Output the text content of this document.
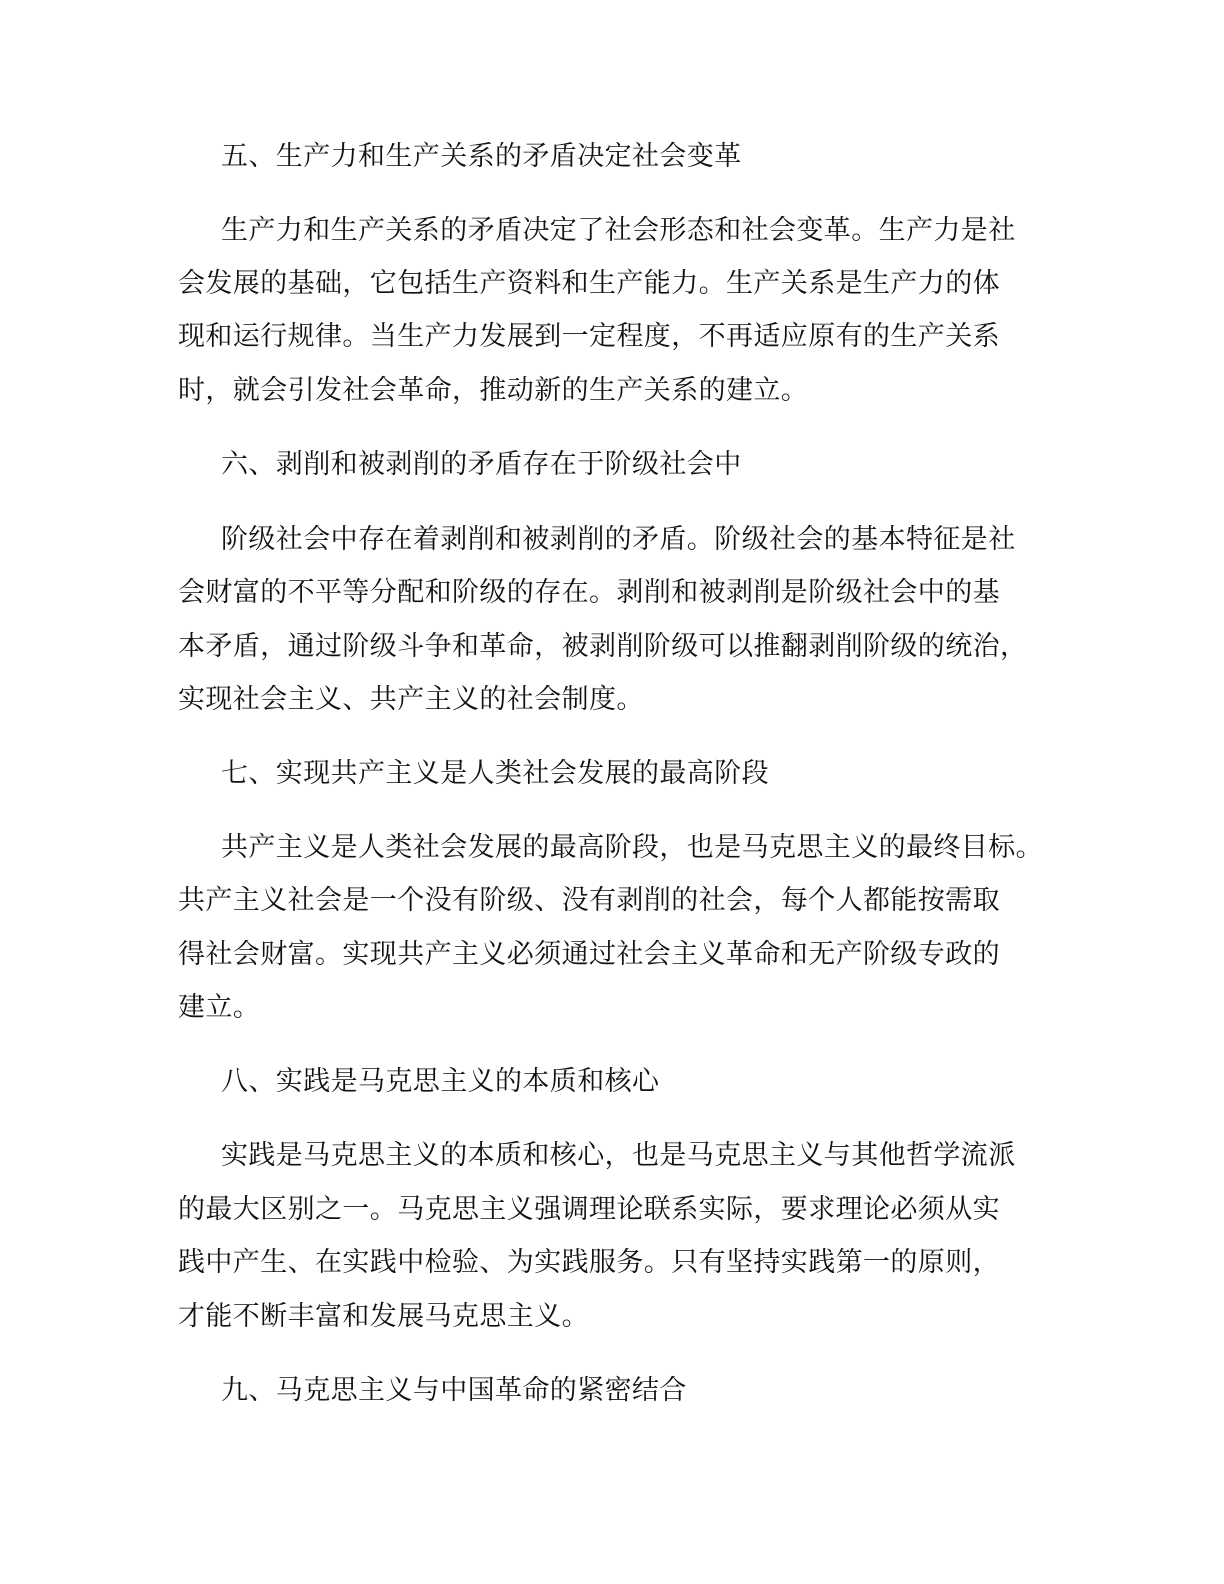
五、生产力和生产关系的矛盾决定社会变革
生产力和生产关系的矛盾决定了社会形态和社会变革。生产力是社
会发展的基础，它包括生产资料和生产能力。生产关系是生产力的体
现和运行规律。当生产力发展到一定程度，不再适应原有的生产关系
时，就会引发社会革命，推动新的生产关系的建立。
六、剥削和被剥削的矛盾存在于阶级社会中
阶级社会中存在着剥削和被剥削的矛盾。阶级社会的基本特征是社
会财富的不平等分配和阶级的存在。剥削和被剥削是阶级社会中的基
本矛盾，通过阶级斗争和革命，被剥削阶级可以推翻剥削阶级的统治，
实现社会主义、共产主义的社会制度。
七、实现共产主义是人类社会发展的最高阶段
共产主义是人类社会发展的最高阶段，也是马克思主义的最终目标。
共产主义社会是一个没有阶级、没有剥削的社会，每个人都能按需取
得社会财富。实现共产主义必须通过社会主义革命和无产阶级专政的
建立。
八、实践是马克思主义的本质和核心
实践是马克思主义的本质和核心，也是马克思主义与其他哲学流派
的最大区别之一。马克思主义强调理论联系实际，要求理论必须从实
践中产生、在实践中检验、为实践服务。只有坚持实践第一的原则，
才能不断丰富和发展马克思主义。
九、马克思主义与中国革命的紧密结合
